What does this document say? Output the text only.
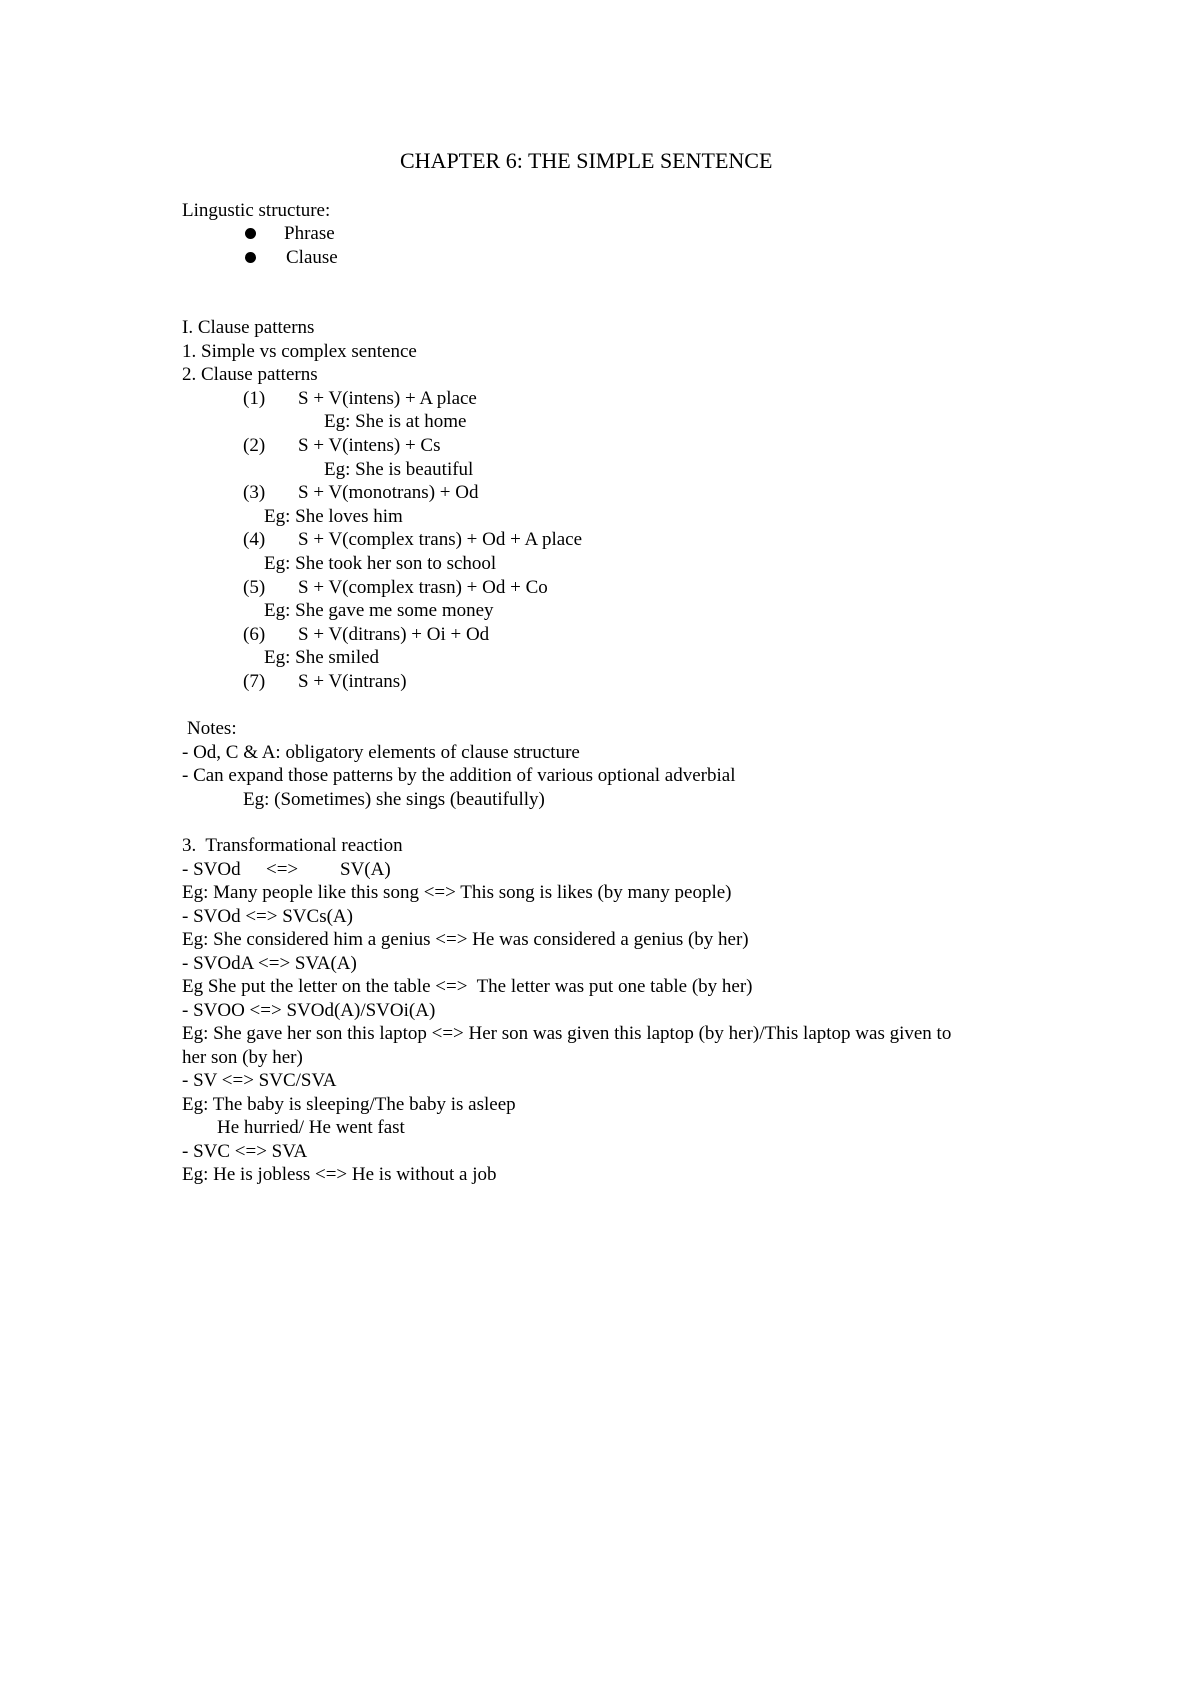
CHAPTER 6: THE SIMPLE SENTENCE
Lingustic structure:
Phrase
Clause
I. Clause patterns
1. Simple vs complex sentence
2. Clause patterns
(1) S + V(intens) + A place
Eg: She is at home
(2) S + V(intens) + Cs
Eg: She is beautiful
(3) S + V(monotrans) + Od
Eg: She loves him
(4) S + V(complex trans) + Od + A place
Eg: She took her son to school
(5) S + V(complex trasn) + Od + Co
Eg: She gave me some money
(6) S + V(ditrans) + Oi + Od
Eg: She smiled
(7) S + V(intrans)
Notes:
- Od, C & A: obligatory elements of clause structure
- Can expand those patterns by the addition of various optional adverbial
Eg: (Sometimes) she sings (beautifully)
3.  Transformational reaction
- SVOd <=> SV(A)
Eg: Many people like this song <=> This song is likes (by many people)
- SVOd <=> SVCs(A)
Eg: She considered him a genius <=> He was considered a genius (by her)
- SVOdA <=> SVA(A)
Eg She put the letter on the table <=>  The letter was put one table (by her)
- SVOO <=> SVOd(A)/SVOi(A)
Eg: She gave her son this laptop <=> Her son was given this laptop (by her)/This laptop was given to
her son (by her)
- SV <=> SVC/SVA
Eg: The baby is sleeping/The baby is asleep
He hurried/ He went fast
- SVC <=> SVA
Eg: He is jobless <=> He is without a job
